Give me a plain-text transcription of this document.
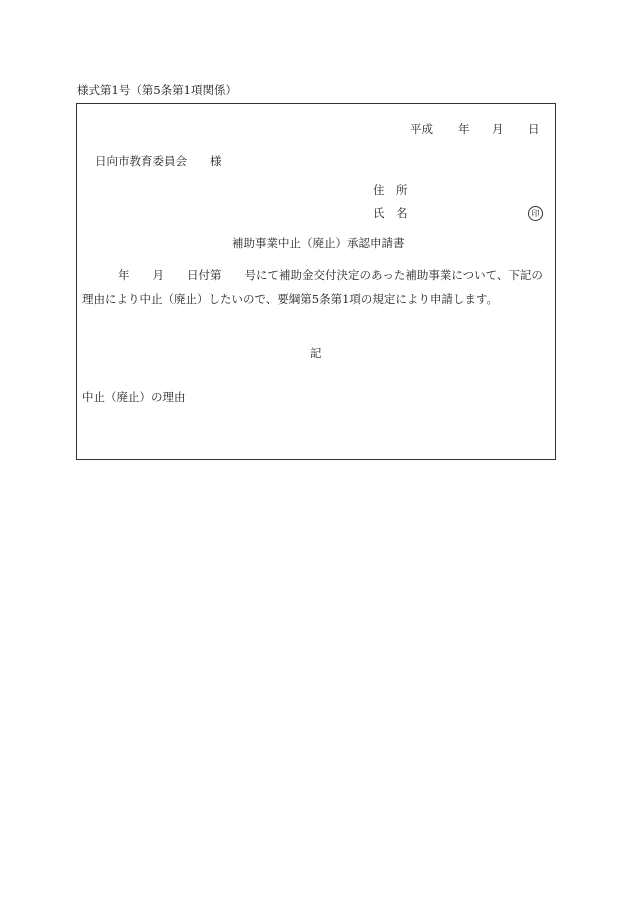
様式第1号（第5条第1項関係）
平成 年 月 日
日向市教育委員会　　様
住　所
氏　名	印
補助事業中止（廃止）承認申請書
年　　月　　日付第　　号にて補助金交付決定のあった補助事業について、下記の
理由により中止（廃止）したいので、要綱第5条第1項の規定により申請します。
記
中止（廃止）の理由
